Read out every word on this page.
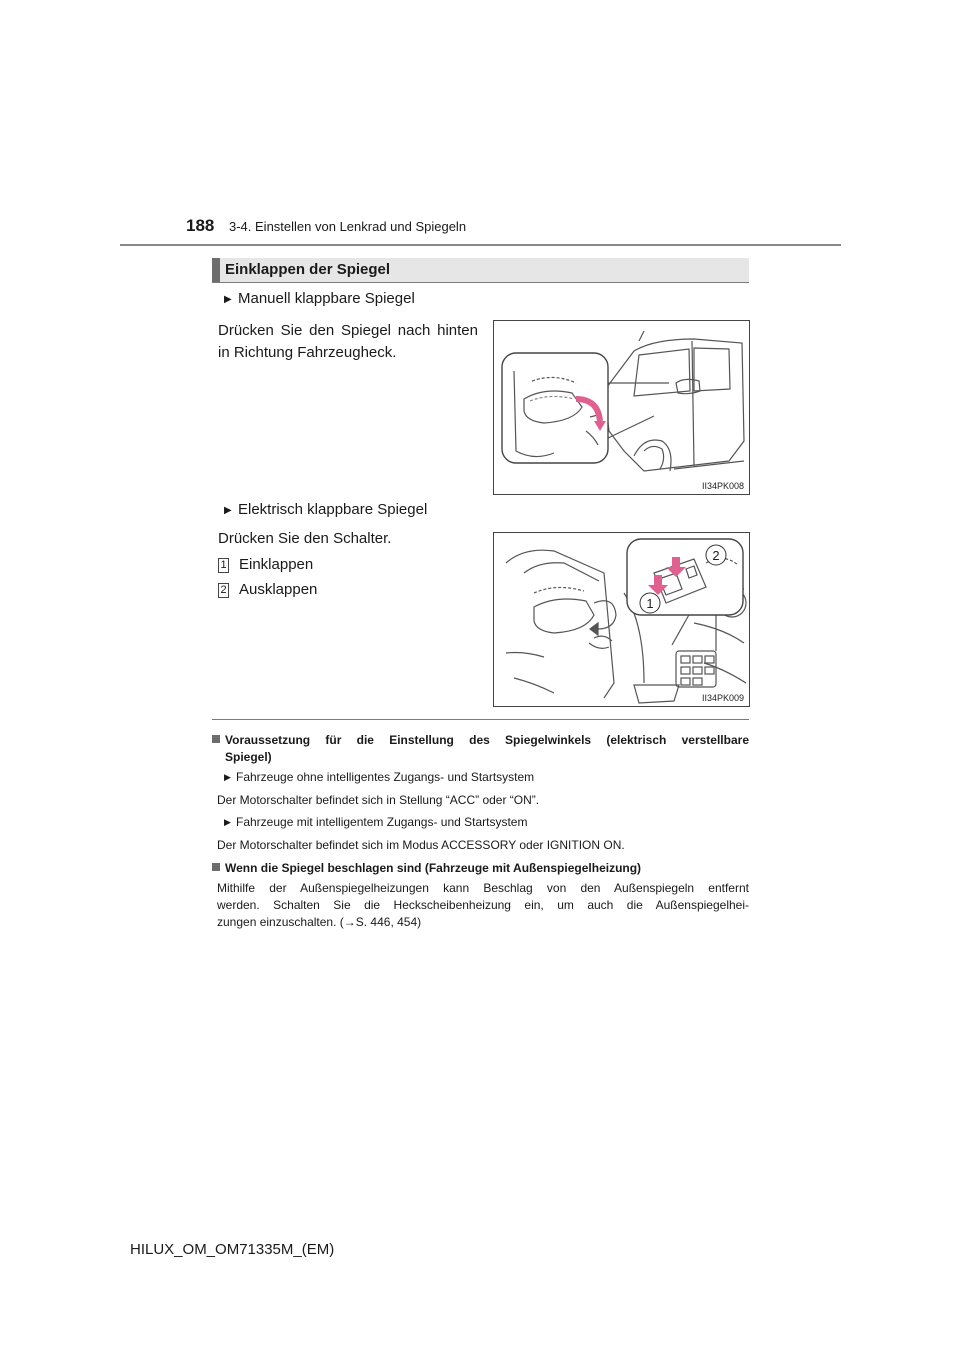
188 3-4. Einstellen von Lenkrad und Spiegeln
Einklappen der Spiegel
▶ Manuell klappbare Spiegel
Drücken Sie den Spiegel nach hinten
in Richtung Fahrzeugheck.
II34PK008
▶ Elektrisch klappbare Spiegel
Drücken Sie den Schalter.
1 Einklappen
2 Ausklappen
2
1
II34PK009
Voraussetzung für die Einstellung des Spiegelwinkels (elektrisch verstellbare
Spiegel)
▶ Fahrzeuge ohne intelligentes Zugangs- und Startsystem
Der Motorschalter befindet sich in Stellung “ACC” oder “ON”.
▶ Fahrzeuge mit intelligentem Zugangs- und Startsystem
Der Motorschalter befindet sich im Modus ACCESSORY oder IGNITION ON.
Wenn die Spiegel beschlagen sind (Fahrzeuge mit Außenspiegelheizung)
Mithilfe der Außenspiegelheizungen kann Beschlag von den Außenspiegeln entfernt
werden. Schalten Sie die Heckscheibenheizung ein, um auch die Außenspiegelhei-
zungen einzuschalten. (→S. 446, 454)
HILUX_OM_OM71335M_(EM)
